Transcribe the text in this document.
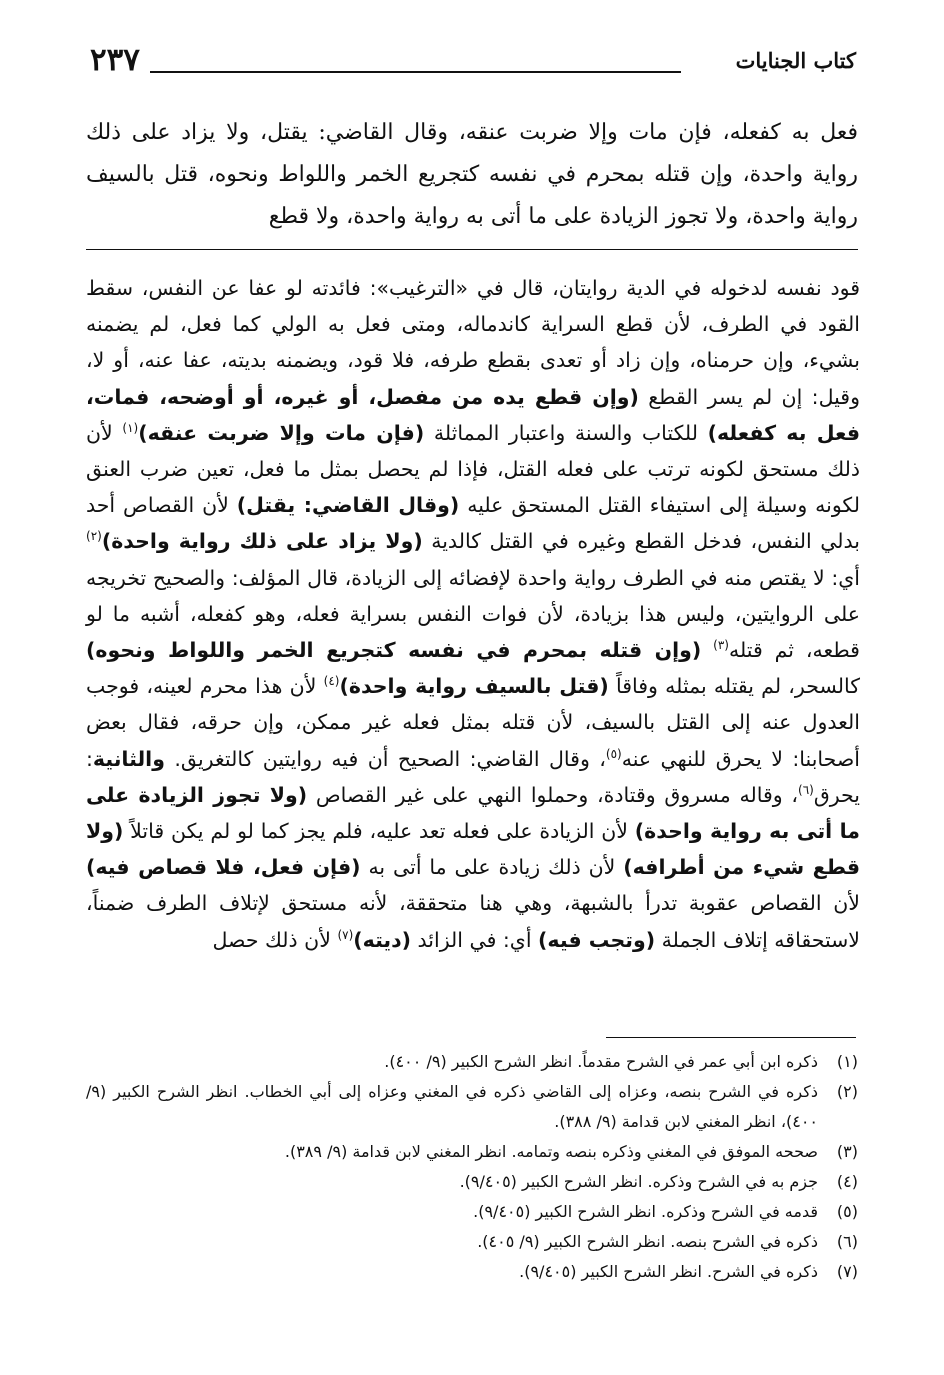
٢٣٧	كتاب الجنايات
فعل به كفعله، فإن مات وإلا ضربت عنقه، وقال القاضي: يقتل، ولا يزاد على ذلك رواية واحدة، وإن قتله بمحرم في نفسه كتجريع الخمر واللواط ونحوه، قتل بالسيف رواية واحدة، ولا تجوز الزيادة على ما أتى به رواية واحدة، ولا قطع
قود نفسه لدخوله في الدية روايتان، قال في «الترغيب»: فائدته لو عفا عن النفس، سقط القود في الطرف، لأن قطع السراية كاندماله، ومتى فعل به الولي كما فعل، لم يضمنه بشيء، وإن حرمناه، وإن زاد أو تعدى بقطع طرفه، فلا قود، ويضمنه بديته، عفا عنه، أو لا، وقيل: إن لم يسر القطع (وإن قطع يده من مفصل، أو غيره، أو أوضحه، فمات، فعل به كفعله) للكتاب والسنة واعتبار المماثلة (فإن مات وإلا ضربت عنقه)$^{(١)}$ لأن ذلك مستحق لكونه ترتب على فعله القتل، فإذا لم يحصل بمثل ما فعل، تعين ضرب العنق لكونه وسيلة إلى استيفاء القتل المستحق عليه (وقال القاضي: يقتل) لأن القصاص أحد بدلي النفس، فدخل القطع وغيره في القتل كالدية (ولا يزاد على ذلك رواية واحدة)$^{(٢)}$ أي: لا يقتص منه في الطرف رواية واحدة لإفضائه إلى الزيادة، قال المؤلف: والصحيح تخريجه على الروايتين، وليس هذا بزيادة، لأن فوات النفس بسراية فعله، وهو كفعله، أشبه ما لو قطعه، ثم قتله$^{(٣)}$ (وإن قتله بمحرم في نفسه كتجريع الخمر واللواط ونحوه) كالسحر، لم يقتله بمثله وفاقاً (قتل بالسيف رواية واحدة)$^{(٤)}$ لأن هذا محرم لعينه، فوجب العدول عنه إلى القتل بالسيف، لأن قتله بمثل فعله غير ممكن، وإن حرقه، فقال بعض أصحابنا: لا يحرق للنهي عنه$^{(٥)}$، وقال القاضي: الصحيح أن فيه روايتين كالتغريق. والثانية: يحرق$^{(٦)}$، وقاله مسروق وقتادة، وحملوا النهي على غير القصاص (ولا تجوز الزيادة على ما أتى به رواية واحدة) لأن الزيادة على فعله تعد عليه، فلم يجز كما لو لم يكن قاتلاً (ولا قطع شيء من أطرافه) لأن ذلك زيادة على ما أتى به (فإن فعل، فلا قصاص فيه) لأن القصاص عقوبة تدرأ بالشبهة، وهي هنا متحققة، لأنه مستحق لإتلاف الطرف ضمناً، لاستحقاقه إتلاف الجملة (وتجب فيه) أي: في الزائد (ديته)$^{(٧)}$ لأن ذلك حصل
(١)
ذكره ابن أبي عمر في الشرح مقدماً. انظر الشرح الكبير (٩/ ٤٠٠).
(٢)
ذكره في الشرح بنصه، وعزاه إلى القاضي ذكره في المغني وعزاه إلى أبي الخطاب. انظر الشرح الكبير (٩/ ٤٠٠)، انظر المغني لابن قدامة (٩/ ٣٨٨).
(٣)
صححه الموفق في المغني وذكره بنصه وتمامه. انظر المغني لابن قدامة (٩/ ٣٨٩).
(٤)
جزم به في الشرح وذكره. انظر الشرح الكبير (٩/٤٠٥).
(٥)
قدمه في الشرح وذكره. انظر الشرح الكبير (٩/٤٠٥).
(٦)
ذكره في الشرح بنصه. انظر الشرح الكبير (٩/ ٤٠٥).
(٧)
ذكره في الشرح. انظر الشرح الكبير (٩/٤٠٥).
